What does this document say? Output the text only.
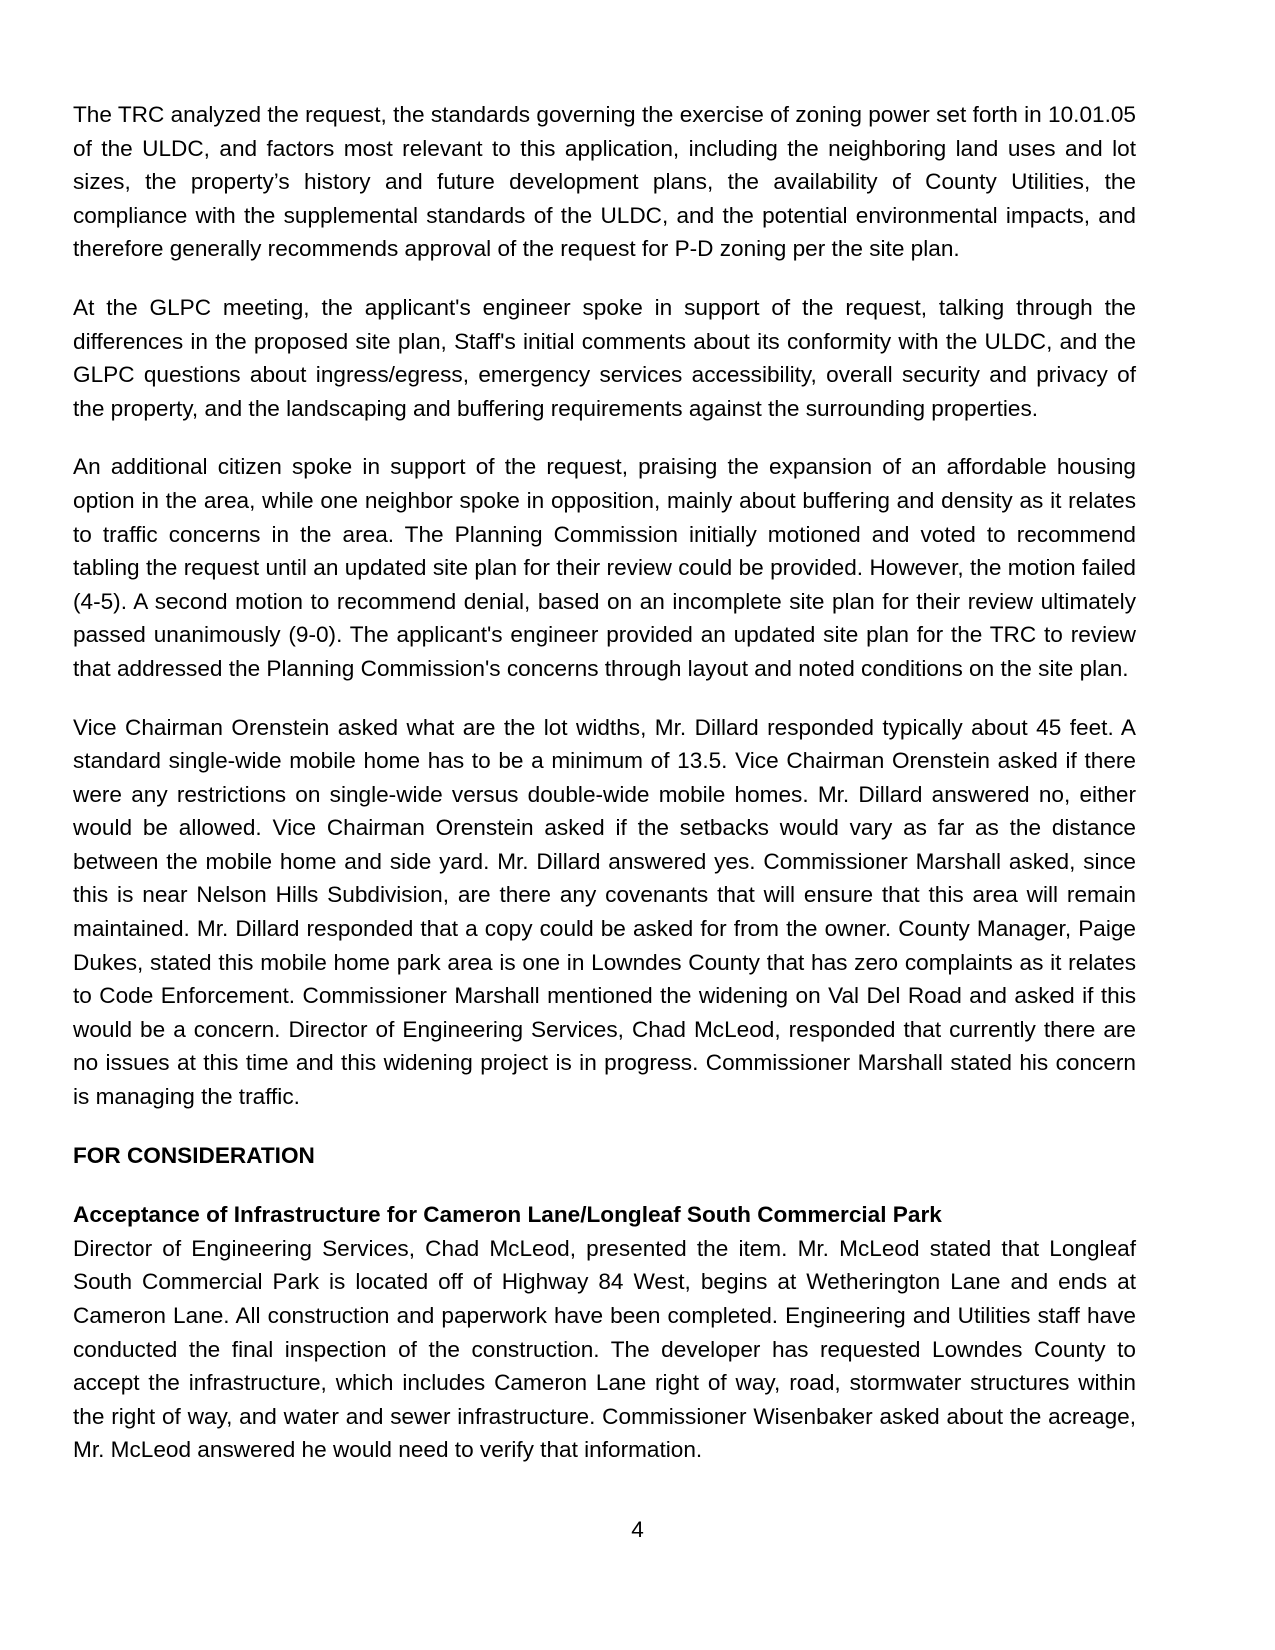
The TRC analyzed the request, the standards governing the exercise of zoning power set forth in 10.01.05 of the ULDC, and factors most relevant to this application, including the neighboring land uses and lot sizes, the property’s history and future development plans, the availability of County Utilities, the compliance with the supplemental standards of the ULDC, and the potential environmental impacts, and therefore generally recommends approval of the request for P-D zoning per the site plan.

At the GLPC meeting, the applicant's engineer spoke in support of the request, talking through the differences in the proposed site plan, Staff's initial comments about its conformity with the ULDC, and the GLPC questions about ingress/egress, emergency services accessibility, overall security and privacy of the property, and the landscaping and buffering requirements against the surrounding properties.

An additional citizen spoke in support of the request, praising the expansion of an affordable housing option in the area, while one neighbor spoke in opposition, mainly about buffering and density as it relates to traffic concerns in the area. The Planning Commission initially motioned and voted to recommend tabling the request until an updated site plan for their review could be provided. However, the motion failed (4-5). A second motion to recommend denial, based on an incomplete site plan for their review ultimately passed unanimously (9-0). The applicant's engineer provided an updated site plan for the TRC to review that addressed the Planning Commission's concerns through layout and noted conditions on the site plan.

Vice Chairman Orenstein asked what are the lot widths, Mr. Dillard responded typically about 45 feet. A standard single-wide mobile home has to be a minimum of 13.5. Vice Chairman Orenstein asked if there were any restrictions on single-wide versus double-wide mobile homes. Mr. Dillard answered no, either would be allowed. Vice Chairman Orenstein asked if the setbacks would vary as far as the distance between the mobile home and side yard. Mr. Dillard answered yes. Commissioner Marshall asked, since this is near Nelson Hills Subdivision, are there any covenants that will ensure that this area will remain maintained. Mr. Dillard responded that a copy could be asked for from the owner. County Manager, Paige Dukes, stated this mobile home park area is one in Lowndes County that has zero complaints as it relates to Code Enforcement. Commissioner Marshall mentioned the widening on Val Del Road and asked if this would be a concern. Director of Engineering Services, Chad McLeod, responded that currently there are no issues at this time and this widening project is in progress. Commissioner Marshall stated his concern is managing the traffic.

FOR CONSIDERATION
Acceptance of Infrastructure for Cameron Lane/Longleaf South Commercial Park

Director of Engineering Services, Chad McLeod, presented the item. Mr. McLeod stated that Longleaf South Commercial Park is located off of Highway 84 West, begins at Wetherington Lane and ends at Cameron Lane. All construction and paperwork have been completed. Engineering and Utilities staff have conducted the final inspection of the construction. The developer has requested Lowndes County to accept the infrastructure, which includes Cameron Lane right of way, road, stormwater structures within the right of way, and water and sewer infrastructure. Commissioner Wisenbaker asked about the acreage, Mr. McLeod answered he would need to verify that information.

4
